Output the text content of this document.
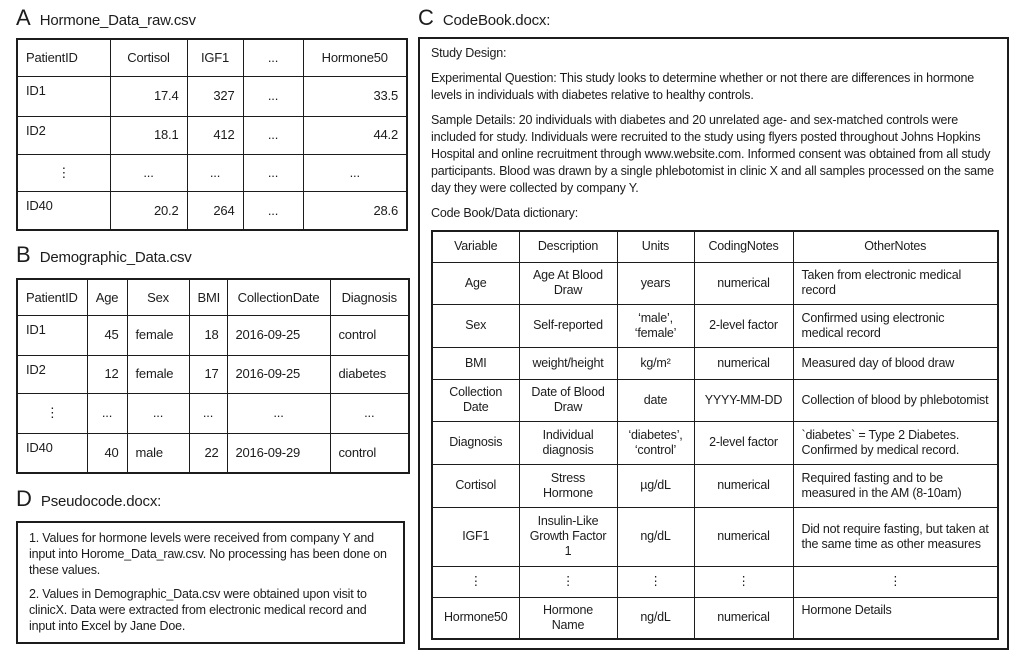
A Hormone_Data_raw.csv
PatientID	Cortisol	IGF1	...	Hormone50
ID1	17.4	327	...	33.5
ID2	18.1	412	...	44.2
⋮	...	...	...	...
ID40	20.2	264	...	28.6
B Demographic_Data.csv
PatientID	Age	Sex	BMI	CollectionDate	Diagnosis
ID1	45	female	18	2016-09-25	control
ID2	12	female	17	2016-09-25	diabetes
⋮	...	...	...	...	...
ID40	40	male	22	2016-09-29	control
D Pseudocode.docx:

1. Values for hormone levels were received from company Y and input into Horome_Data_raw.csv. No processing has been done on these values.

2. Values in Demographic_Data.csv were obtained upon visit to clinicX. Data were extracted from electronic medical record and input into Excel by Jane Doe.

C CodeBook.docx:

Study Design:

Experimental Question: This study looks to determine whether or not there are differences in hormone levels in individuals with diabetes relative to healthy controls.

Sample Details: 20 individuals with diabetes and 20 unrelated age- and sex-matched controls were included for study. Individuals were recruited to the study using flyers posted throughout Johns Hopkins Hospital and online recruitment through www.website.com. Informed consent was obtained from all study participants. Blood was drawn by a single phlebotomist in clinic X and all samples processed on the same day they were collected by company Y.

Code Book/Data dictionary:

Variable	Description	Units	CodingNotes	OtherNotes
Age	Age At Blood Draw	years	numerical	Taken from electronic medical record
Sex	Self-reported	‘male’, ‘female’	2-level factor	Confirmed using electronic medical record
BMI	weight/height	kg/m²	numerical	Measured day of blood draw
Collection Date	Date of Blood Draw	date	YYYY-MM-DD	Collection of blood by phlebotomist
Diagnosis	Individual diagnosis	‘diabetes’, ‘control’	2-level factor	`diabetes` = Type 2 Diabetes. Confirmed by medical record.
Cortisol	Stress Hormone	µg/dL	numerical	Required fasting and to be measured in the AM (8-10am)
IGF1	Insulin-Like Growth Factor 1	ng/dL	numerical	Did not require fasting, but taken at the same time as other measures
⋮	⋮	⋮	⋮	⋮
Hormone50	Hormone Name	ng/dL	numerical	Hormone Details
